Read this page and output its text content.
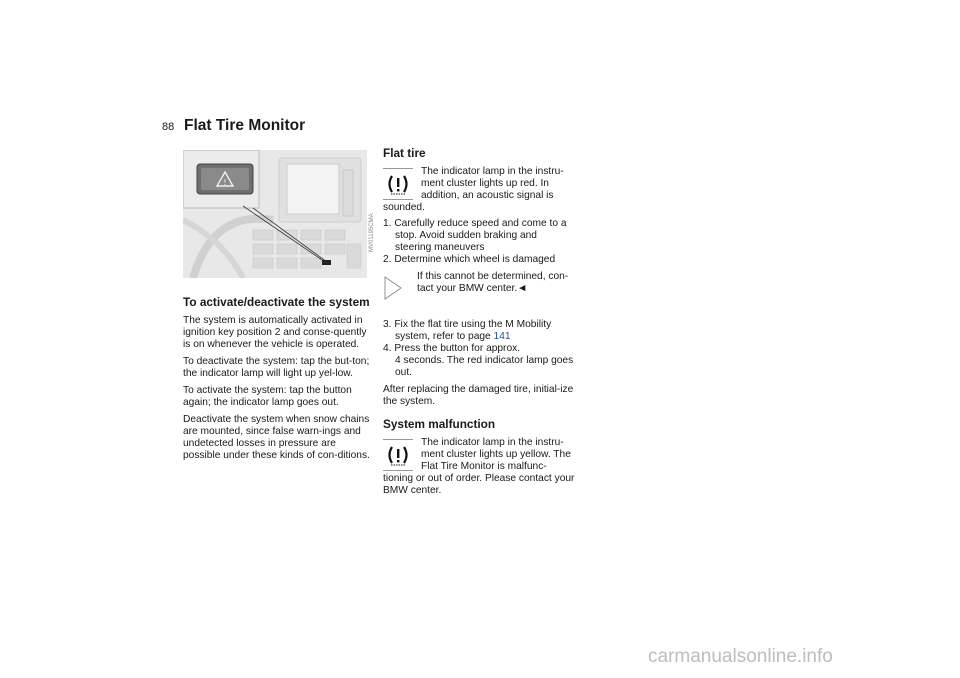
88 Flat Tire Monitor
!
MV01195CMA
To activate/deactivate the system

The system is automatically activated in ignition key position 2 and conse-quently is on whenever the vehicle is operated.

To deactivate the system: tap the but-ton; the indicator lamp will light up yel-low.

To activate the system: tap the button again; the indicator lamp goes out.

Deactivate the system when snow chains are mounted, since false warn-ings and undetected losses in pressure are possible under these kinds of con-ditions.

Flat tire
The indicator lamp in the instru-ment cluster lights up red. In addition, an acoustic signal is sounded.
1. Carefully reduce speed and come to a stop. Avoid sudden braking and steering maneuvers
2. Determine which wheel is damaged
If this cannot be determined, con-tact your BMW center.◄
3. Fix the flat tire using the M Mobility system, refer to page 141
4. Press the button for approx.
4 seconds. The red indicator lamp goes out.

After replacing the damaged tire, initial-ize the system.

System malfunction
The indicator lamp in the instru-ment cluster lights up yellow. The Flat Tire Monitor is malfunc-tioning or out of order. Please contact your BMW center.
carmanualsonline.info
